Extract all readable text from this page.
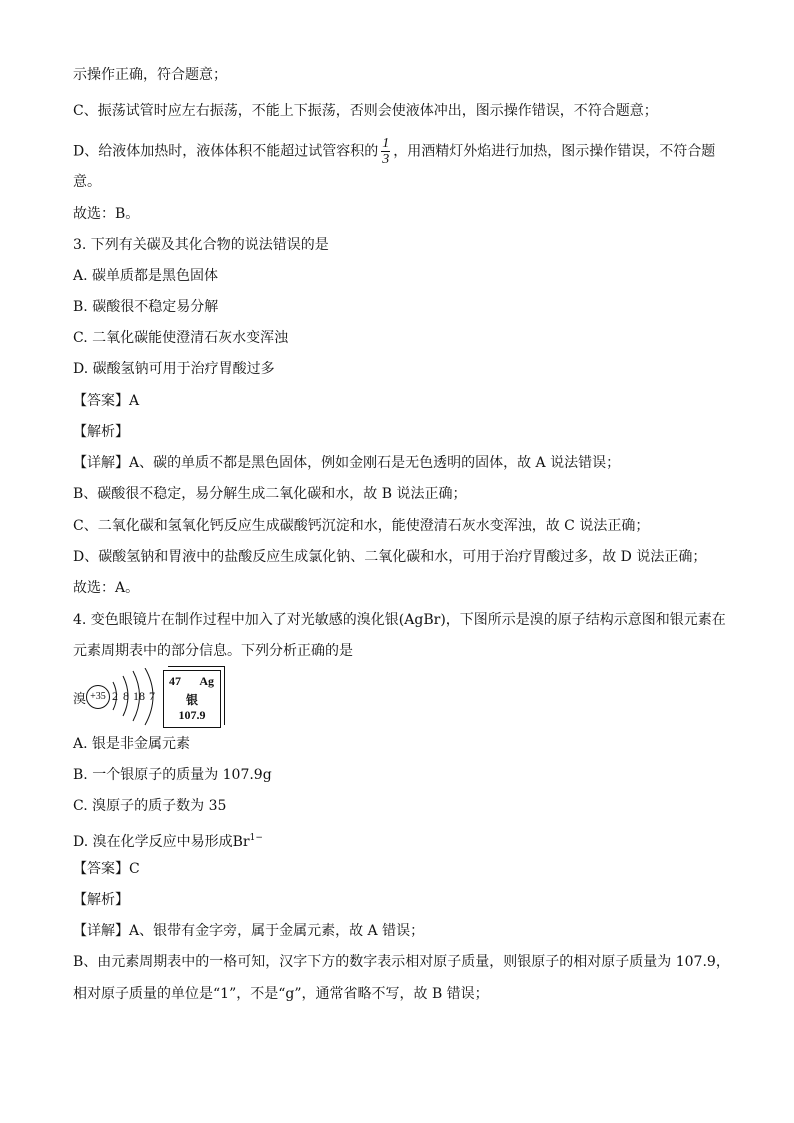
示操作正确，符合题意；

C、振荡试管时应左右振荡，不能上下振荡，否则会使液体冲出，图示操作错误，不符合题意；

D、给液体加热时，液体体积不能超过试管容积的 $\frac{1}{3}$ ，用酒精灯外焰进行加热，图示操作错误，不符合题

意。

故选：B。

3. 下列有关碳及其化合物的说法错误的是

A. 碳单质都是黑色固体

B. 碳酸很不稳定易分解

C. 二氧化碳能使澄清石灰水变浑浊

D. 碳酸氢钠可用于治疗胃酸过多

【答案】A

【解析】

【详解】A、碳的单质不都是黑色固体，例如金刚石是无色透明的固体，故 A 说法错误；

B、碳酸很不稳定，易分解生成二氧化碳和水，故 B 说法正确；

C、二氧化碳和氢氧化钙反应生成碳酸钙沉淀和水，能使澄清石灰水变浑浊，故 C 说法正确；

D、碳酸氢钠和胃液中的盐酸反应生成氯化钠、二氧化碳和水，可用于治疗胃酸过多，故 D 说法正确；

故选：A。

4. 变色眼镜片在制作过程中加入了对光敏感的溴化银(AgBr)，下图所示是溴的原子结构示意图和银元素在

元素周期表中的部分信息。下列分析正确的是

溴 +35 2 8 18 7
47 Ag
银
107.9

A. 银是非金属元素

B. 一个银原子的质量为 107.9g

C. 溴原子的质子数为 35

D. 溴在化学反应中易形成$Br^{1-}$

【答案】C

【解析】

【详解】A、银带有金字旁，属于金属元素，故 A 错误；

B、由元素周期表中的一格可知，汉字下方的数字表示相对原子质量，则银原子的相对原子质量为 107.9，

相对原子质量的单位是“1”，不是“g”，通常省略不写，故 B 错误；
